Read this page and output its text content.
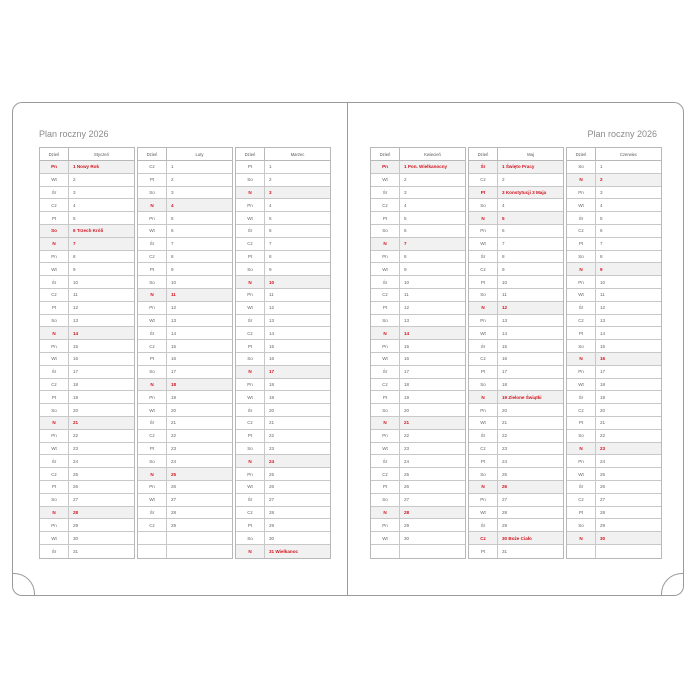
Plan roczny 2026
Dzień	Styczeń
Pn	1 Nowy Rok
Wt	2
Śr	3
Cz	4
Pt	5
So	6 Trzech Króli
N	7
Pn	8
Wt	9
Śr	10
Cz	11
Pt	12
So	13
N	14
Pn	15
Wt	16
Śr	17
Cz	18
Pt	19
So	20
N	21
Pn	22
Wt	23
Śr	24
Cz	25
Pt	26
So	27
N	28
Pn	29
Wt	30
Śr	31
Dzień	Luty
Cz	1
Pt	2
So	3
N	4
Pn	5
Wt	6
Śr	7
Cz	8
Pt	9
So	10
N	11
Pn	12
Wt	13
Śr	14
Cz	15
Pt	16
So	17
N	18
Pn	19
Wt	20
Śr	21
Cz	22
Pt	23
So	24
N	25
Pn	26
Wt	27
Śr	28
Cz	29
Dzień	Marzec
Pt	1
So	2
N	3
Pn	4
Wt	5
Śr	6
Cz	7
Pt	8
So	9
N	10
Pn	11
Wt	12
Śr	13
Cz	14
Pt	15
So	16
N	17
Pn	18
Wt	19
Śr	20
Cz	21
Pt	22
So	23
N	24
Pn	25
Wt	26
Śr	27
Cz	28
Pt	29
So	30
N	31 Wielkanoc
Plan roczny 2026
Dzień	Kwiecień
Pn	1 Pon. Wielkanocny
Wt	2
Śr	3
Cz	4
Pt	5
So	6
N	7
Pn	8
Wt	9
Śr	10
Cz	11
Pt	12
So	13
N	14
Pn	15
Wt	16
Śr	17
Cz	18
Pt	19
So	20
N	21
Pn	22
Wt	23
Śr	24
Cz	25
Pt	26
So	27
N	28
Pn	29
Wt	30
Dzień	Maj
Śr	1 Święto Pracy
Cz	2
Pt	3 Konstytucji 3 Maja
So	4
N	5
Pn	6
Wt	7
Śr	8
Cz	9
Pt	10
So	11
N	12
Pn	13
Wt	14
Śr	15
Cz	16
Pt	17
So	18
N	19 Zielone Świątki
Pn	20
Wt	21
Śr	22
Cz	23
Pt	24
So	25
N	26
Pn	27
Wt	28
Śr	29
Cz	30 Boże Ciało
Pt	31
Dzień	Czerwiec
So	1
N	2
Pn	3
Wt	4
Śr	5
Cz	6
Pt	7
So	8
N	9
Pn	10
Wt	11
Śr	12
Cz	13
Pt	14
So	15
N	16
Pn	17
Wt	18
Śr	19
Cz	20
Pt	21
So	22
N	23
Pn	24
Wt	25
Śr	26
Cz	27
Pt	28
So	29
N	30
